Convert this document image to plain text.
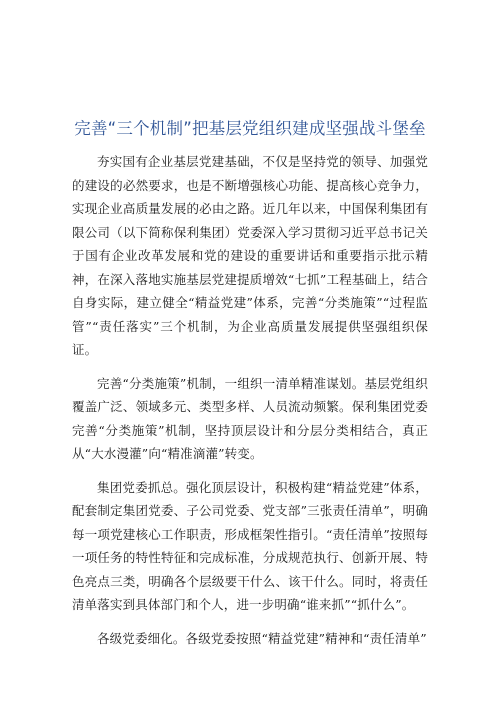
完善“三个机制”把基层党组织建成坚强战斗堡垒

夯实国有企业基层党建基础，不仅是坚持党的领导、加强党的建设的必然要求，也是不断增强核心功能、提高核心竞争力，实现企业高质量发展的必由之路。近几年以来，中国保利集团有限公司（以下简称保利集团）党委深入学习贯彻习近平总书记关于国有企业改革发展和党的建设的重要讲话和重要指示批示精神，在深入落地实施基层党建提质增效“七抓”工程基础上，结合自身实际，建立健全“精益党建”体系，完善“分类施策”“过程监管”“责任落实”三个机制，为企业高质量发展提供坚强组织保证。

完善“分类施策”机制，一组织一清单精准谋划。基层党组织覆盖广泛、领域多元、类型多样、人员流动频繁。保利集团党委完善“分类施策”机制，坚持顶层设计和分层分类相结合，真正从“大水漫灌”向“精准滴灌”转变。

集团党委抓总。强化顶层设计，积极构建“精益党建”体系，配套制定集团党委、子公司党委、党支部”三张责任清单”，明确每一项党建核心工作职责，形成框架性指引。“责任清单”按照每一项任务的特性特征和完成标准，分成规范执行、创新开展、特色亮点三类，明确各个层级要干什么、该干什么。同时，将责任清单落实到具体部门和个人，进一步明确“谁来抓”“抓什么”。

各级党委细化。各级党委按照“精益党建”精神和“责任清单”
